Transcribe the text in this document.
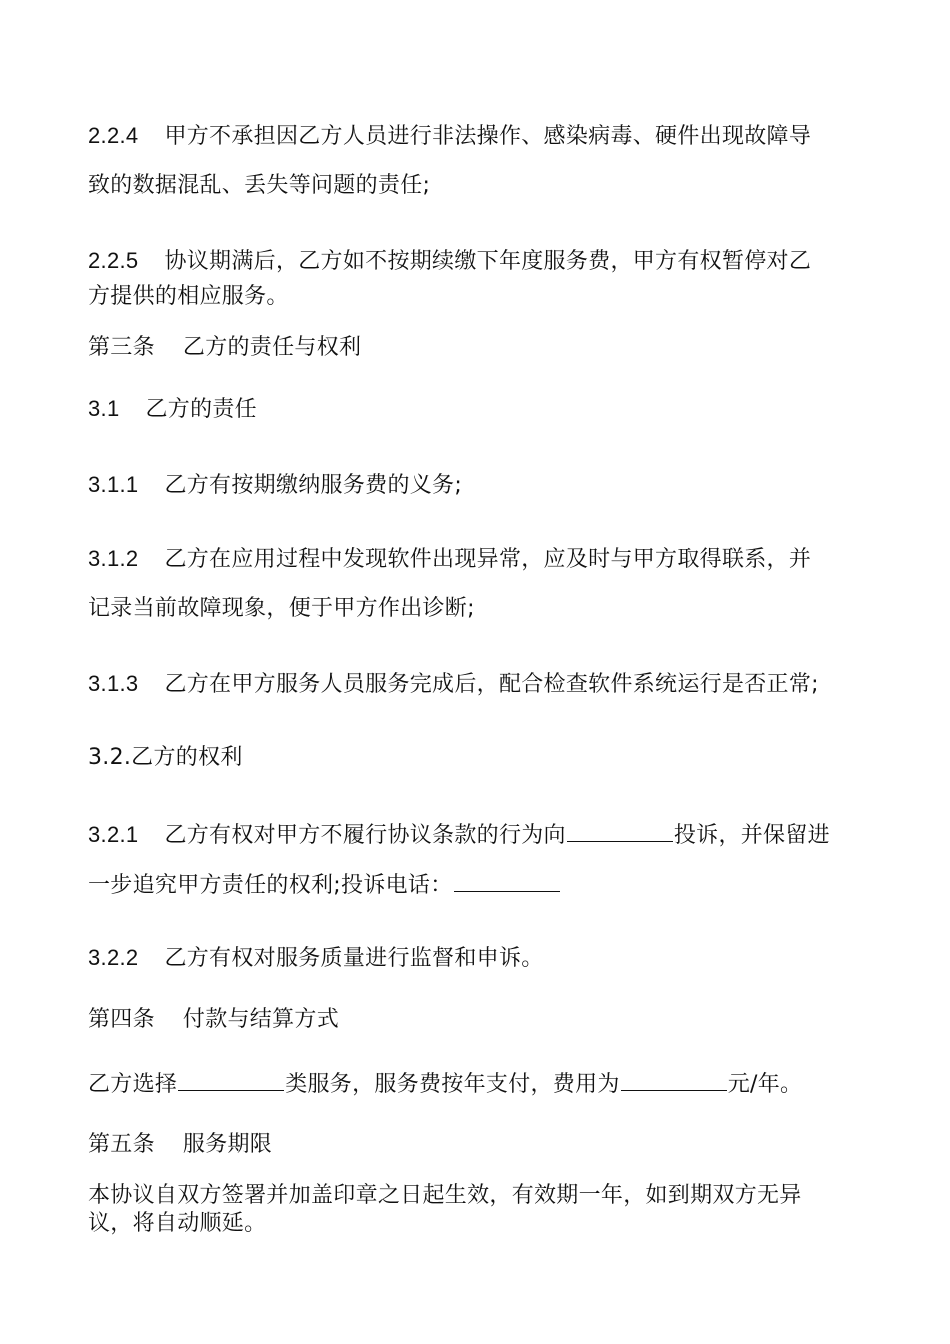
2.2.4 甲方不承担因乙方人员进行非法操作、感染病毒、硬件出现故障导
致的数据混乱、丢失等问题的责任;
2.2.5 协议期满后，乙方如不按期续缴下年度服务费，甲方有权暂停对乙
方提供的相应服务。
第三条 乙方的责任与权利
3.1 乙方的责任
3.1.1 乙方有按期缴纳服务费的义务;
3.1.2 乙方在应用过程中发现软件出现异常，应及时与甲方取得联系，并
记录当前故障现象，便于甲方作出诊断;
3.1.3 乙方在甲方服务人员服务完成后，配合检查软件系统运行是否正常;
3.2.乙方的权利
3.2.1 乙方有权对甲方不履行协议条款的行为向	投诉，并保留进
一步追究甲方责任的权利;投诉电话：
3.2.2 乙方有权对服务质量进行监督和申诉。
第四条 付款与结算方式
乙方选择	类服务，服务费按年支付，费用为	元/年。
第五条 服务期限
本协议自双方签署并加盖印章之日起生效，有效期一年，如到期双方无异
议，将自动顺延。
